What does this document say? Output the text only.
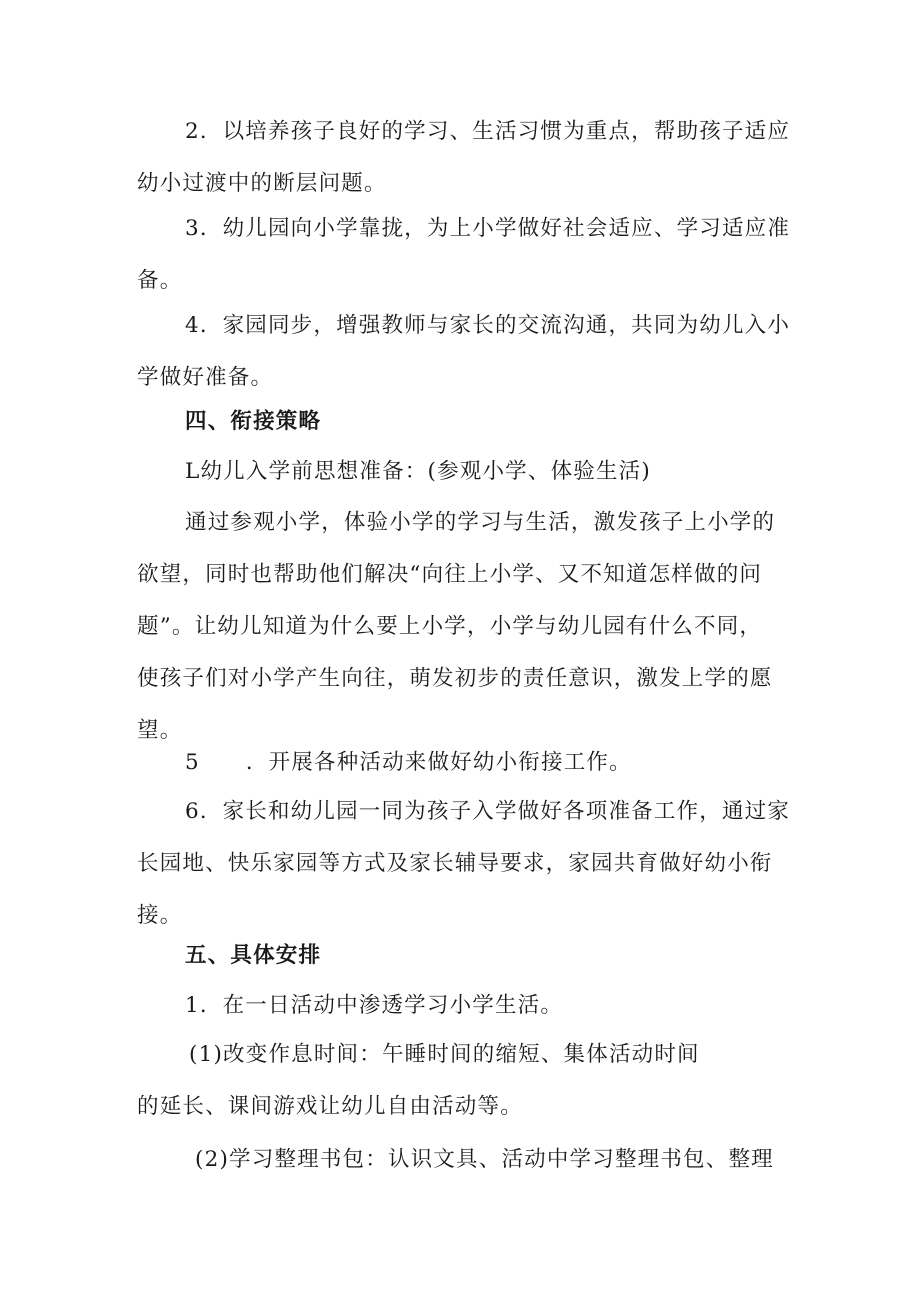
2．以培养孩子良好的学习、生活习惯为重点，帮助孩子适应
幼小过渡中的断层问题。

3．幼儿园向小学靠拢，为上小学做好社会适应、学习适应准
备。

4．家园同步，增强教师与家长的交流沟通，共同为幼儿入小
学做好准备。

四、衔接策略

L幼儿入学前思想准备：(参观小学、体验生活)

通过参观小学，体验小学的学习与生活，激发孩子上小学的
欲望，同时也帮助他们解决“向往上小学、又不知道怎样做的问
题”。让幼儿知道为什么要上小学，小学与幼儿园有什么不同，
使孩子们对小学产生向往，萌发初步的责任意识，激发上学的愿
望。

5 ．开展各种活动来做好幼小衔接工作。

6．家长和幼儿园一同为孩子入学做好各项准备工作，通过家
长园地、快乐家园等方式及家长辅导要求，家园共育做好幼小衔
接。

五、具体安排

1．在一日活动中渗透学习小学生活。

(1)改变作息时间：午睡时间的缩短、集体活动时间
的延长、课间游戏让幼儿自由活动等。

(2)学习整理书包：认识文具、活动中学习整理书包、整理
